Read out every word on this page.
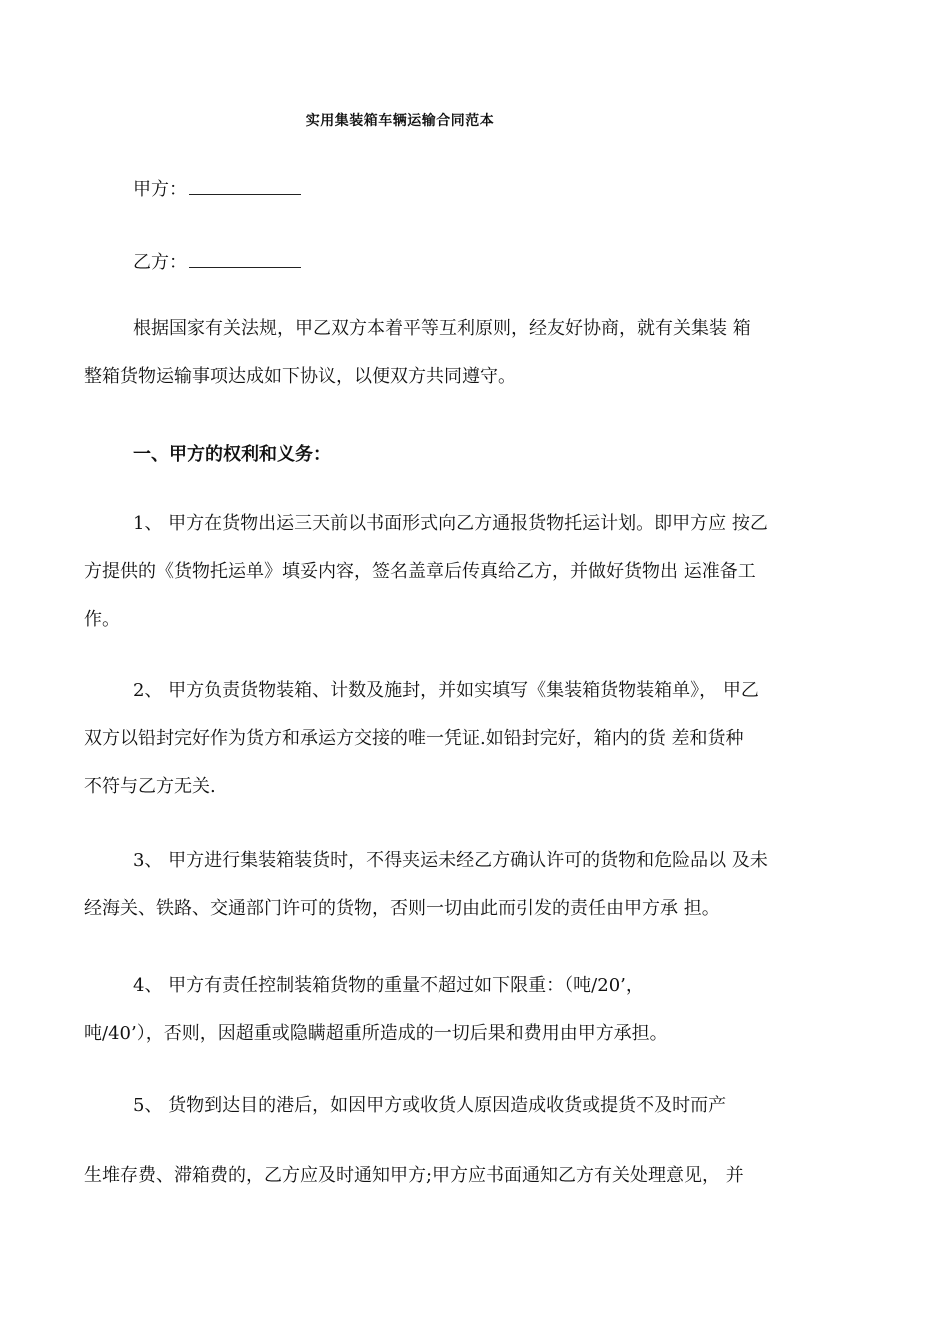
实用集装箱车辆运输合同范本
甲方：
乙方：
根据国家有关法规，甲乙双方本着平等互利原则，经友好协商，就有关集装 箱
整箱货物运输事项达成如下协议，以便双方共同遵守。
一、甲方的权利和义务：
1、 甲方在货物出运三天前以书面形式向乙方通报货物托运计划。即甲方应 按乙
方提供的《货物托运单》填妥内容，签名盖章后传真给乙方，并做好货物出 运准备工
作。
2、 甲方负责货物装箱、计数及施封，并如实填写《集装箱货物装箱单》， 甲乙
双方以铅封完好作为货方和承运方交接的唯一凭证.如铅封完好，箱内的货 差和货种
不符与乙方无关.
3、 甲方进行集装箱装货时，不得夹运未经乙方确认许可的货物和危险品以 及未
经海关、铁路、交通部门许可的货物，否则一切由此而引发的责任由甲方承 担。
4、 甲方有责任控制装箱货物的重量不超过如下限重：（吨/20’，
吨/40’），否则，因超重或隐瞒超重所造成的一切后果和费用由甲方承担。
5、 货物到达目的港后，如因甲方或收货人原因造成收货或提货不及时而产
生堆存费、滞箱费的，乙方应及时通知甲方;甲方应书面通知乙方有关处理意见， 并
